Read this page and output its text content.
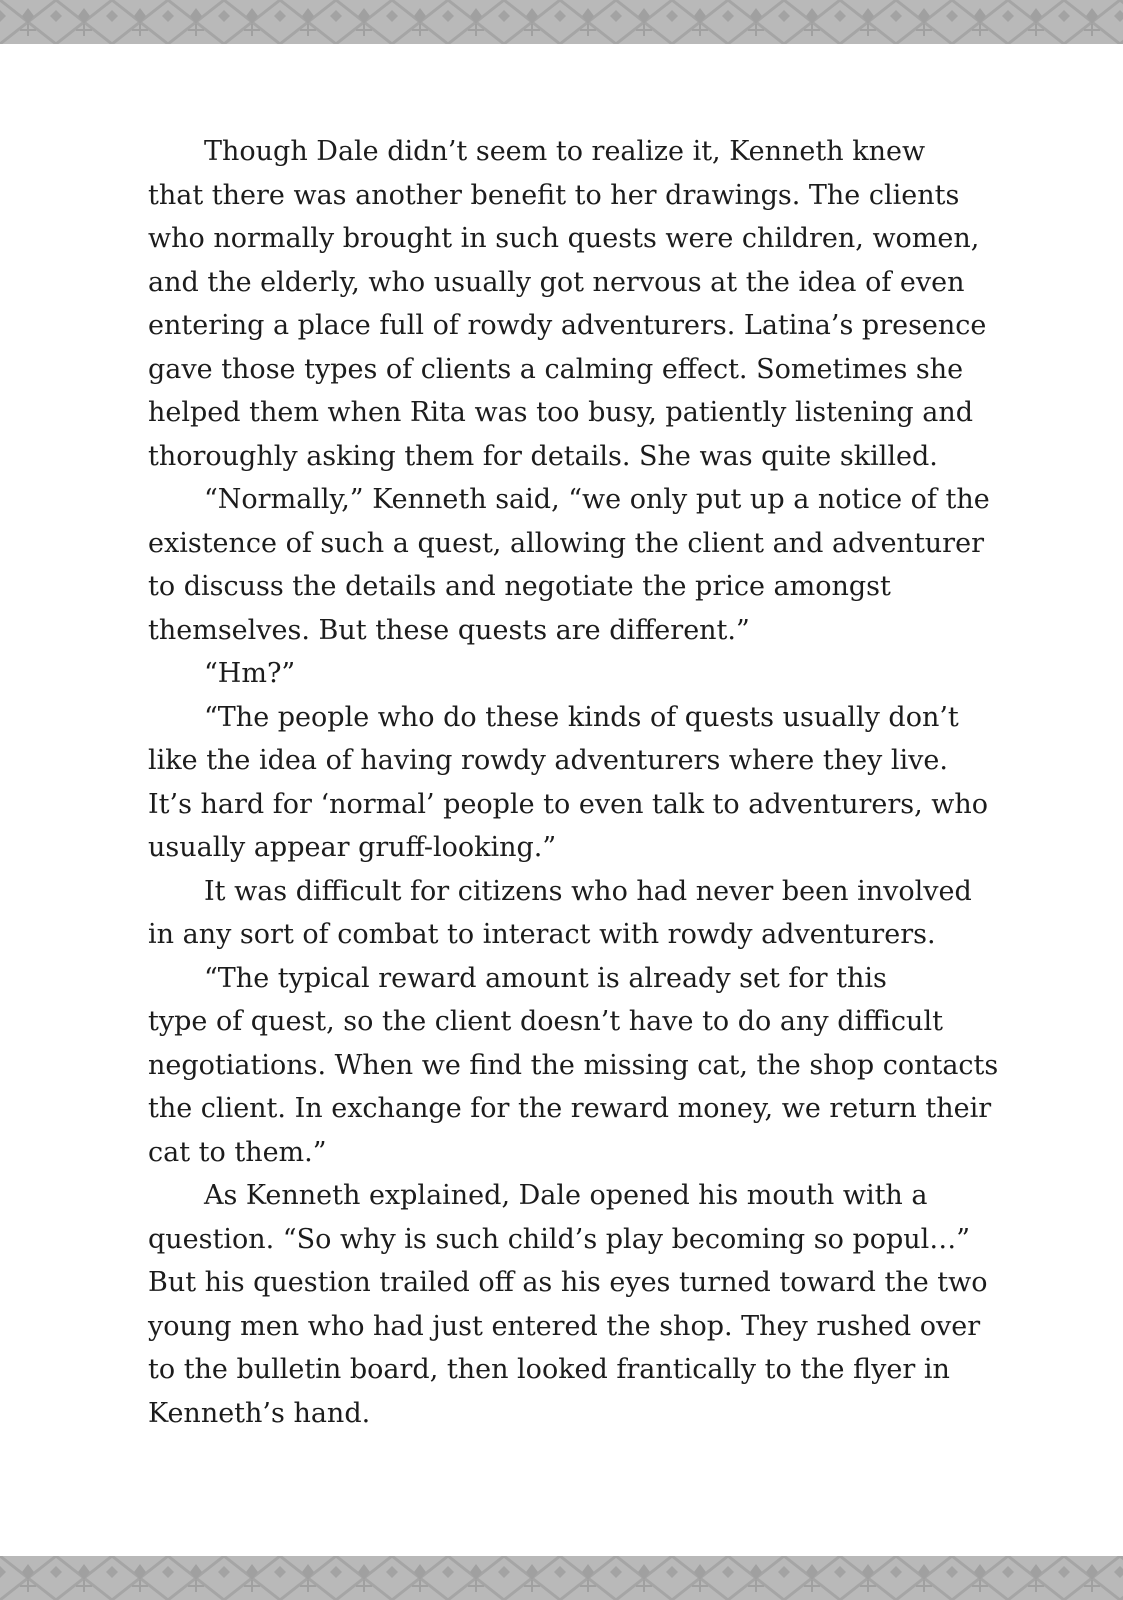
Though Dale didn’t seem to realize it, Kenneth knew
that there was another benefit to her drawings. The clients
who normally brought in such quests were children, women,
and the elderly, who usually got nervous at the idea of even
entering a place full of rowdy adventurers. Latina’s presence
gave those types of clients a calming effect. Sometimes she
helped them when Rita was too busy, patiently listening and
thoroughly asking them for details. She was quite skilled.
“Normally,” Kenneth said, “we only put up a notice of the
existence of such a quest, allowing the client and adventurer
to discuss the details and negotiate the price amongst
themselves. But these quests are different.”
“Hm?”
“The people who do these kinds of quests usually don’t
like the idea of having rowdy adventurers where they live.
It’s hard for ‘normal’ people to even talk to adventurers, who
usually appear gruff-looking.”
It was difficult for citizens who had never been involved
in any sort of combat to interact with rowdy adventurers.
“The typical reward amount is already set for this
type of quest, so the client doesn’t have to do any difficult
negotiations. When we find the missing cat, the shop contacts
the client. In exchange for the reward money, we return their
cat to them.”
As Kenneth explained, Dale opened his mouth with a
question. “So why is such child’s play becoming so popul…”
But his question trailed off as his eyes turned toward the two
young men who had just entered the shop. They rushed over
to the bulletin board, then looked frantically to the flyer in
Kenneth’s hand.
